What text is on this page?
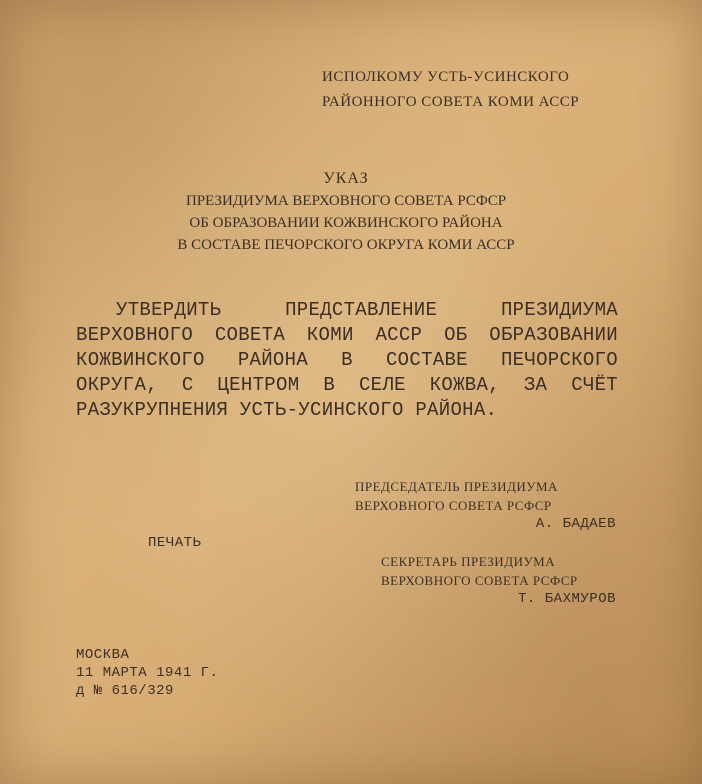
ИСПОЛКОМУ УСТЬ-УСИНСКОГО
РАЙОННОГО СОВЕТА КОМИ АССР
УКАЗ
ПРЕЗИДИУМА ВЕРХОВНОГО СОВЕТА РСФСР
ОБ ОБРАЗОВАНИИ КОЖВИНСКОГО РАЙОНА
В СОСТАВЕ ПЕЧОРСКОГО ОКРУГА КОМИ АССР

УТВЕРДИТЬ ПРЕДСТАВЛЕНИЕ ПРЕЗИДИУМА ВЕРХОВНОГО СОВЕТА КОМИ АССР ОБ ОБРАЗОВАНИИ КОЖВИНСКОГО РАЙОНА В СОСТАВЕ ПЕЧОРСКОГО ОКРУГА, С ЦЕНТРОМ В СЕЛЕ КОЖВА, ЗА СЧЁТ РАЗУКРУПНЕНИЯ УСТЬ-УСИНСКОГО РАЙОНА.

ПРЕДСЕДАТЕЛЬ ПРЕЗИДИУМА
ВЕРХОВНОГО СОВЕТА РСФСР
А. БАДАЕВ
ПЕЧАТЬ
СЕКРЕТАРЬ ПРЕЗИДИУМА
ВЕРХОВНОГО СОВЕТА РСФСР
Т. БАХМУРОВ
МОСКВА
11 МАРТА 1941 Г.
д № 616/329
